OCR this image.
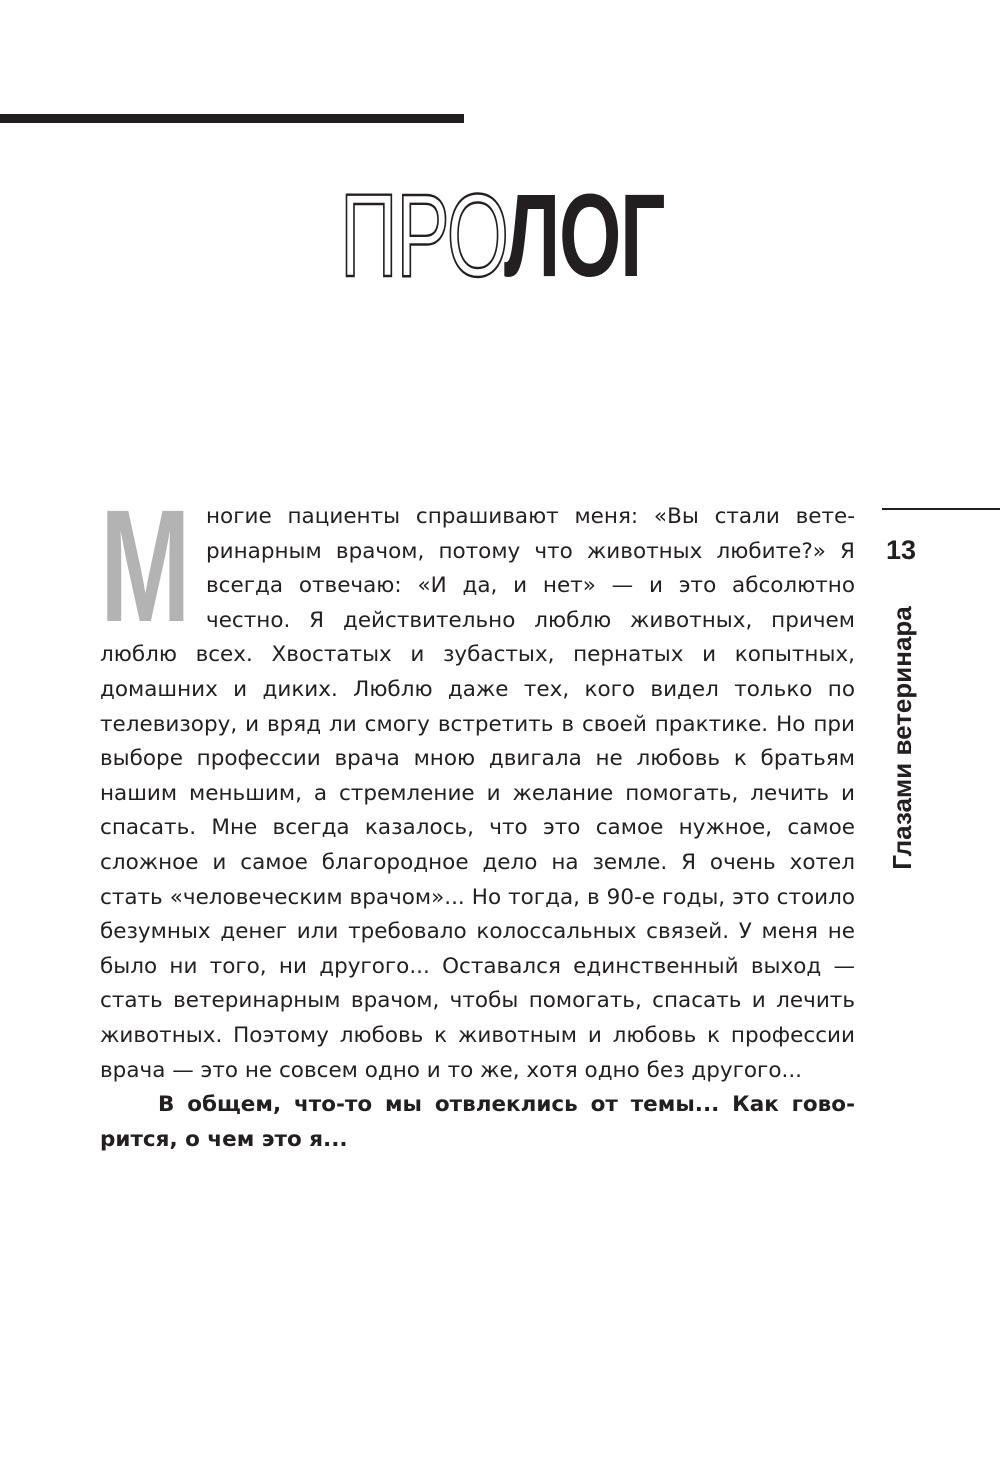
ПРОЛОГ
13
Глазами ветеринара
М ногие пациенты спрашивают меня: «Вы стали ветеринарным врачом, потому что животных любите?» Я всегда отвечаю: «И да, и нет» — и это абсолютно честно. Я действительно люблю животных, причем люблю всех. Хвостатых и зубастых, пернатых и копытных, домашних и диких. Люблю даже тех, кого видел только по телевизору, и вряд ли смогу встретить в своей практике. Но при выборе профессии врача мною двигала не любовь к братьям нашим меньшим, а стремление и желание помогать, лечить и спасать. Мне всегда казалось, что это самое нужное, самое сложное и самое благородное дело на земле. Я очень хотел стать «человеческим врачом»... Но тогда, в 90-е годы, это стоило безумных денег или требовало колоссальных связей. У меня не было ни того, ни другого... Оставался единственный выход — стать ветеринарным врачом, чтобы помогать, спасать и лечить животных. Поэтому любовь к животным и любовь к профессии врача — это не совсем одно и то же, хотя одно без другого...

В общем, что-то мы отвлеклись от темы... Как говорится, о чем это я...
